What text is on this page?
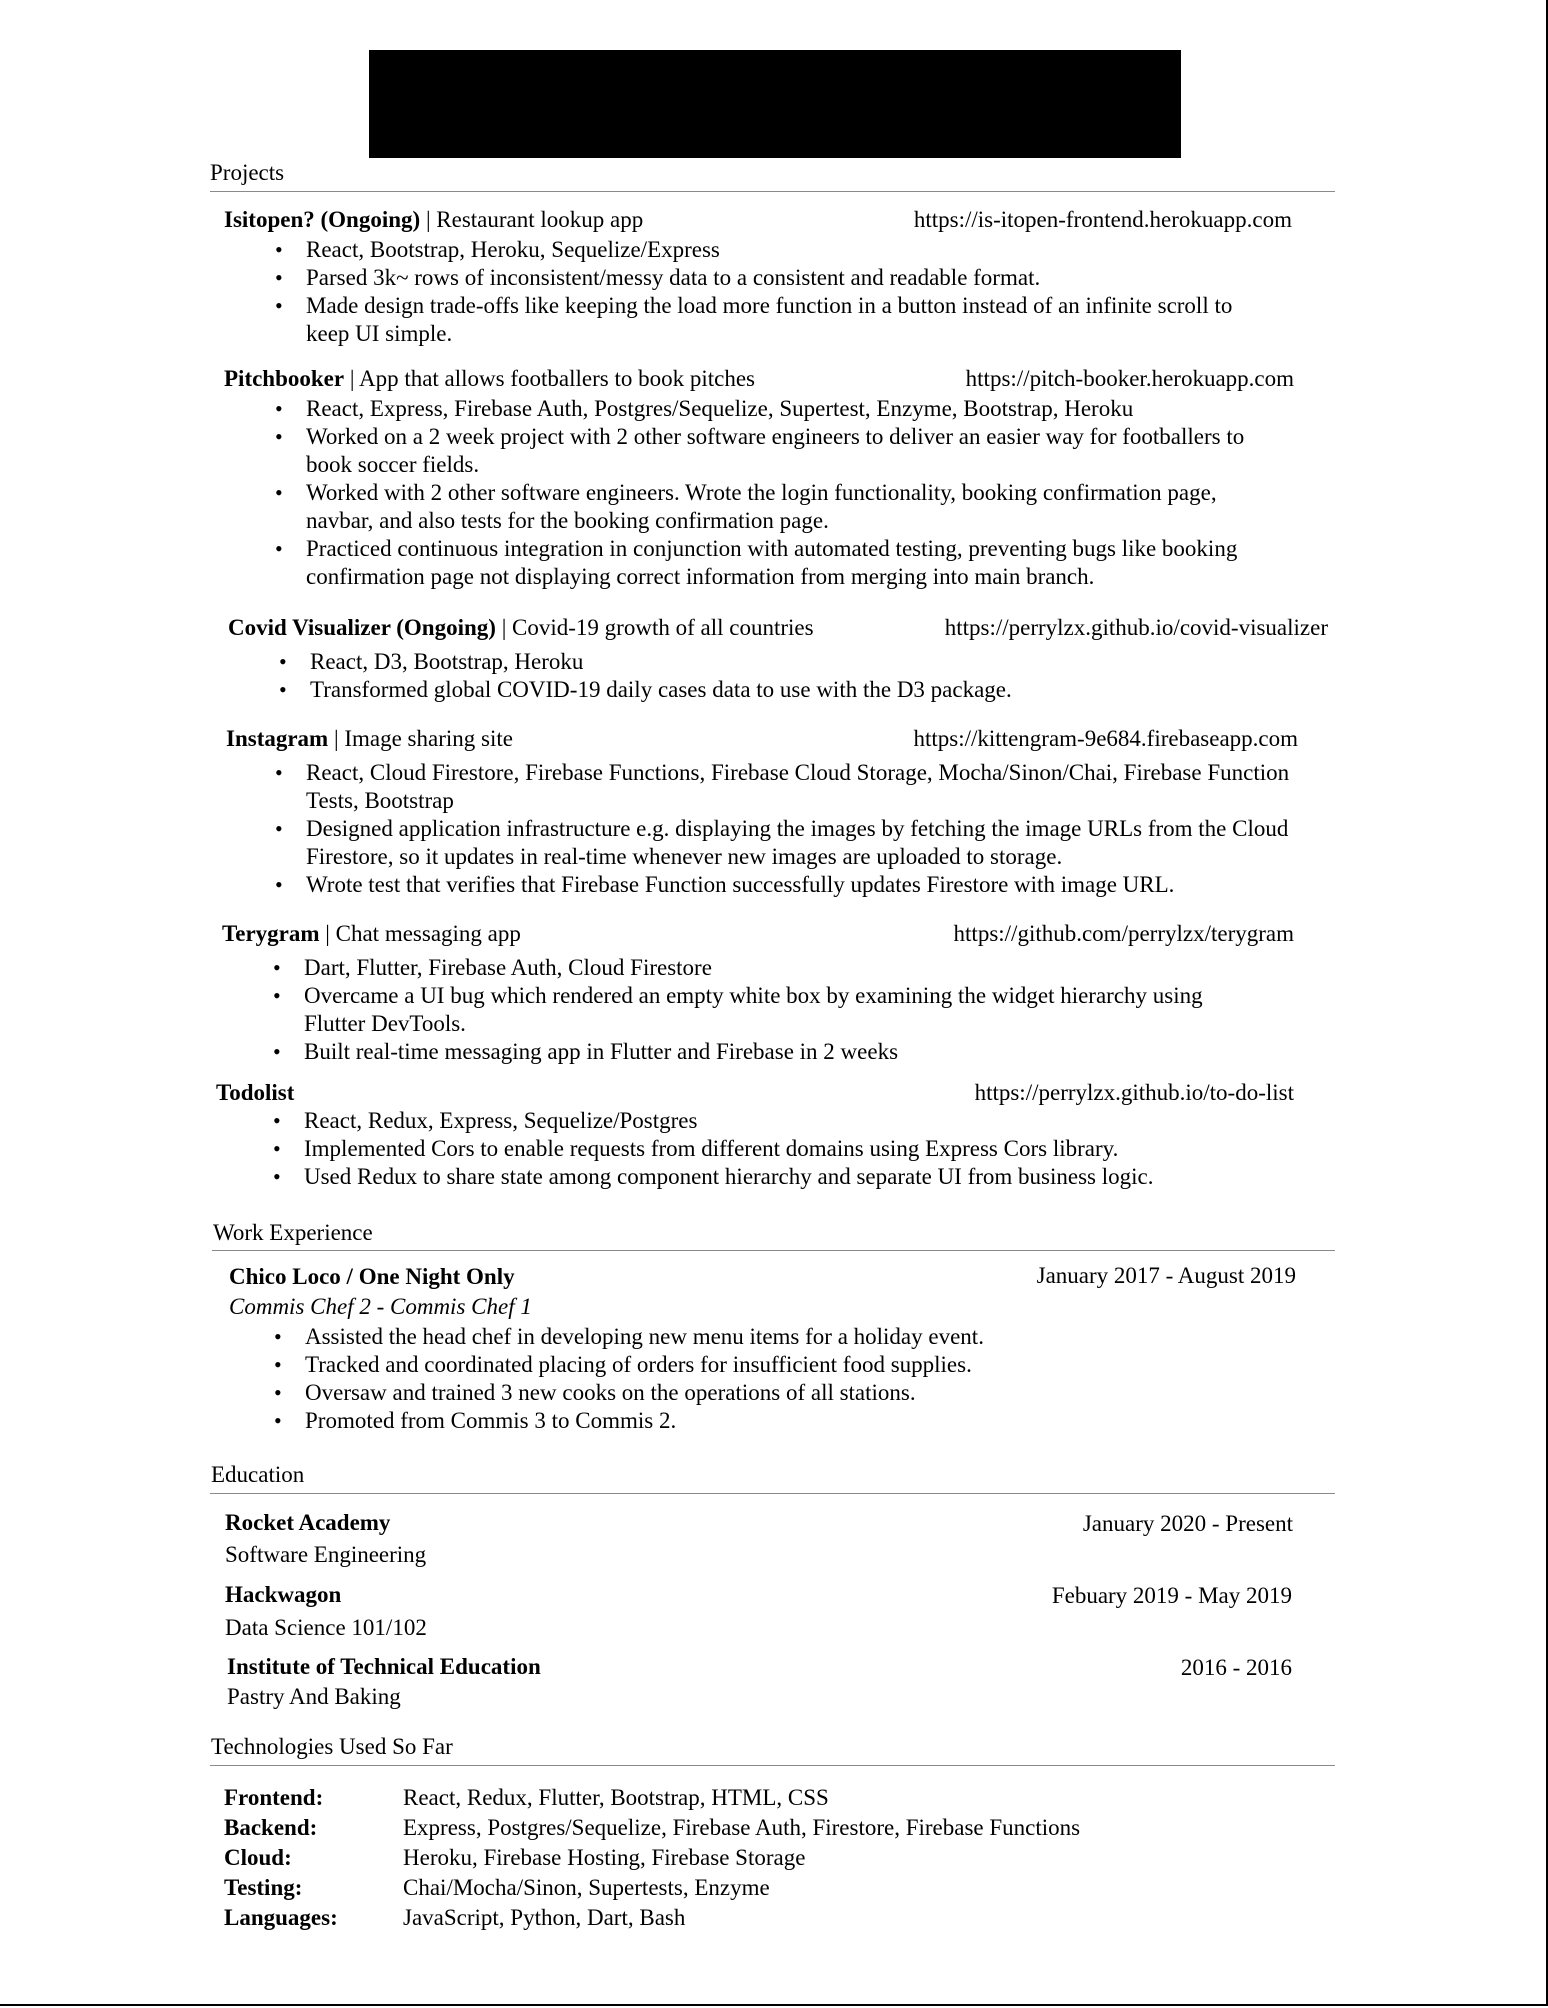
Projects
Isitopen? (Ongoing) | Restaurant lookup app	https://is-itopen-frontend.herokuapp.com
• React, Bootstrap, Heroku, Sequelize/Express
• Parsed 3k~ rows of inconsistent/messy data to a consistent and readable format.
• Made design trade-offs like keeping the load more function in a button instead of an infinite scroll to keep UI simple.
Pitchbooker | App that allows footballers to book pitches	https://pitch-booker.herokuapp.com
• React, Express, Firebase Auth, Postgres/Sequelize, Supertest, Enzyme, Bootstrap, Heroku
• Worked on a 2 week project with 2 other software engineers to deliver an easier way for footballers to book soccer fields.
• Worked with 2 other software engineers. Wrote the login functionality, booking confirmation page, navbar, and also tests for the booking confirmation page.
• Practiced continuous integration in conjunction with automated testing, preventing bugs like booking confirmation page not displaying correct information from merging into main branch.
Covid Visualizer (Ongoing) | Covid-19 growth of all countries	https://perrylzx.github.io/covid-visualizer
• React, D3, Bootstrap, Heroku
• Transformed global COVID-19 daily cases data to use with the D3 package.
Instagram | Image sharing site	https://kittengram-9e684.firebaseapp.com
• React, Cloud Firestore, Firebase Functions, Firebase Cloud Storage, Mocha/Sinon/Chai, Firebase Function Tests, Bootstrap
• Designed application infrastructure e.g. displaying the images by fetching the image URLs from the Cloud Firestore, so it updates in real-time whenever new images are uploaded to storage.
• Wrote test that verifies that Firebase Function successfully updates Firestore with image URL.
Terygram | Chat messaging app	https://github.com/perrylzx/terygram
• Dart, Flutter, Firebase Auth, Cloud Firestore
• Overcame a UI bug which rendered an empty white box by examining the widget hierarchy using Flutter DevTools.
• Built real-time messaging app in Flutter and Firebase in 2 weeks
Todolist	https://perrylzx.github.io/to-do-list
• React, Redux, Express, Sequelize/Postgres
• Implemented Cors to enable requests from different domains using Express Cors library.
• Used Redux to share state among component hierarchy and separate UI from business logic.
Work Experience
Chico Loco / One Night Only	January 2017 - August 2019
Commis Chef 2 - Commis Chef 1
• Assisted the head chef in developing new menu items for a holiday event.
• Tracked and coordinated placing of orders for insufficient food supplies.
• Oversaw and trained 3 new cooks on the operations of all stations.
• Promoted from Commis 3 to Commis 2.
Education
Rocket Academy	January 2020 - Present
Software Engineering
Hackwagon	Febuary 2019 - May 2019
Data Science 101/102
Institute of Technical Education	2016 - 2016
Pastry And Baking
Technologies Used So Far
Frontend:	React, Redux, Flutter, Bootstrap, HTML, CSS
Backend:	Express, Postgres/Sequelize, Firebase Auth, Firestore, Firebase Functions
Cloud:	Heroku, Firebase Hosting, Firebase Storage
Testing:	Chai/Mocha/Sinon, Supertests, Enzyme
Languages:	JavaScript, Python, Dart, Bash
